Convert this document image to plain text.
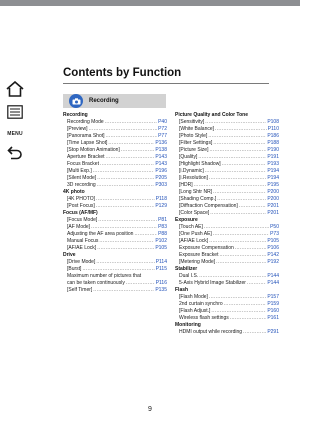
MENU
Contents by Function
Recording
Recording
Recording Mode .....	P40
[Preview] .....	P72
[Panorama Shot] .....	P77
[Time Lapse Shot] .....	P136
[Stop Motion Animation] .....	P138
Aperture Bracket .....	P143
Focus Bracket .....	P143
[Multi Exp.] .....	P196
[Silent Mode] .....	P205
3D recording .....	P303
4K photo
[4K PHOTO] .....	P118
[Post Focus] .....	P129
Focus (AF/MF)
[Focus Mode] .....	P81
[AF Mode] .....	P83
Adjusting the AF area position .....	P88
Manual Focus .....	P102
[AF/AE Lock] .....	P105
Drive
[Drive Mode] .....	P114
[Burst] .....	P115
Maximum number of pictures that
can be taken continuously .....	P116
[Self Timer] .....	P135
Picture Quality and Color Tone
[Sensitivity] .....	P108
[White Balance] .....	P110
[Photo Style] .....	P186
[Filter Settings] .....	P188
[Picture Size] .....	P190
[Quality] .....	P191
[Highlight Shadow] .....	P193
[i.Dynamic] .....	P194
[i.Resolution] .....	P194
[HDR] .....	P195
[Long Shtr NR] .....	P200
[Shading Comp.] .....	P200
[Diffraction Compensation] .....	P201
[Color Space] .....	P201
Exposure
[Touch AE] .....	P50
[One Push AE] .....	P73
[AF/AE Lock] .....	P105
Exposure Compensation .....	P106
Exposure Bracket .....	P142
[Metering Mode] .....	P192
Stabilizer
Dual I.S. .....	P144
5-Axis Hybrid Image Stabilizer .....	P144
Flash
[Flash Mode] .....	P157
2nd curtain synchro .....	P159
[Flash Adjust.] .....	P160
Wireless flash settings .....	P161
Monitoring
HDMI output while recording .....	P291
9
